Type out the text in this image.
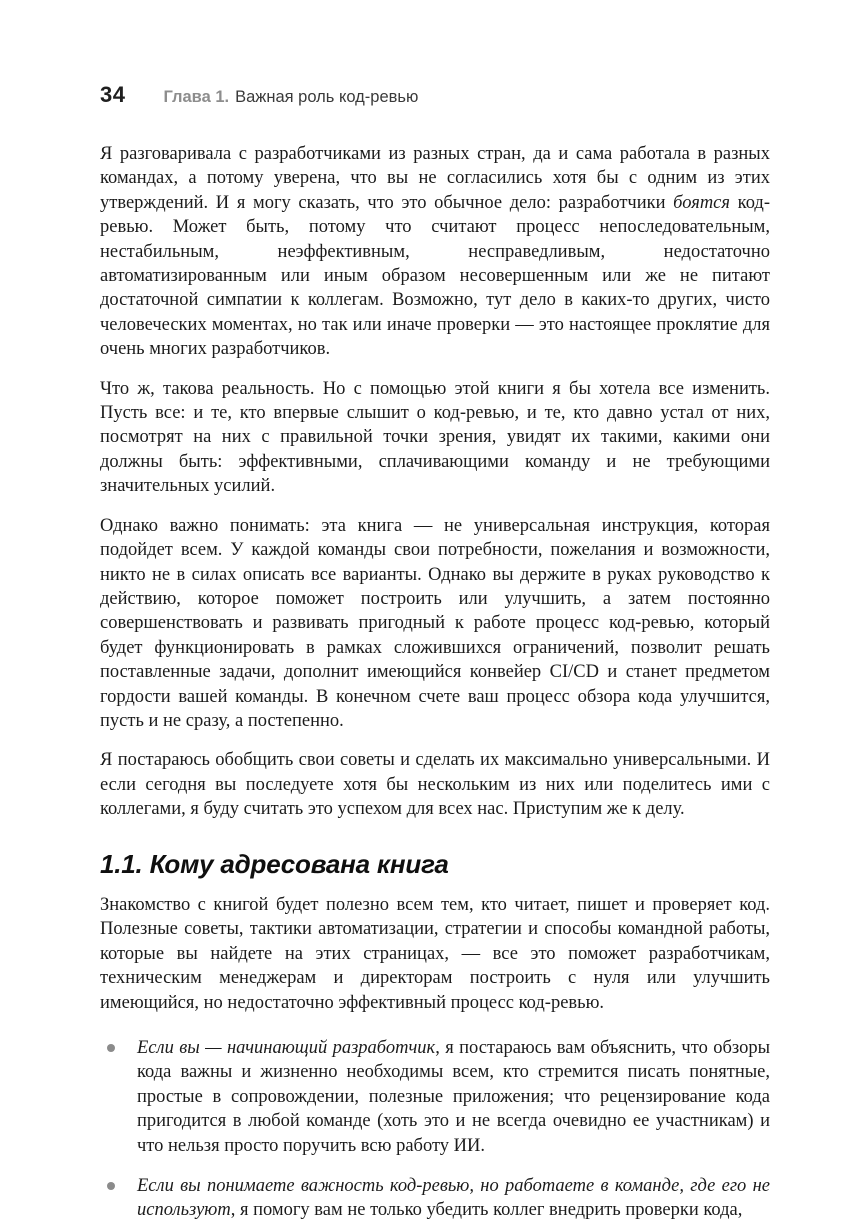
34 Глава 1. Важная роль код-ревью

Я разговаривала с разработчиками из разных стран, да и сама работала в разных командах, а потому уверена, что вы не согласились хотя бы с одним из этих утверждений. И я могу сказать, что это обычное дело: разработчики боятся код-ревью. Может быть, потому что считают процесс непоследовательным, нестабильным, неэффективным, несправедливым, недостаточно автоматизированным или иным образом несовершенным или же не питают достаточной симпатии к коллегам. Возможно, тут дело в каких-то других, чисто человеческих моментах, но так или иначе проверки — это настоящее проклятие для очень многих разработчиков.

Что ж, такова реальность. Но с помощью этой книги я бы хотела все изменить. Пусть все: и те, кто впервые слышит о код-ревью, и те, кто давно устал от них, посмотрят на них с правильной точки зрения, увидят их такими, какими они должны быть: эффективными, сплачивающими команду и не требующими значительных усилий.

Однако важно понимать: эта книга — не универсальная инструкция, которая подойдет всем. У каждой команды свои потребности, пожелания и возможности, никто не в силах описать все варианты. Однако вы держите в руках руководство к действию, которое поможет построить или улучшить, а затем постоянно совершенствовать и развивать пригодный к работе процесс код-ревью, который будет функционировать в рамках сложившихся ограничений, позволит решать поставленные задачи, дополнит имеющийся конвейер CI/CD и станет предметом гордости вашей команды. В конечном счете ваш процесс обзора кода улучшится, пусть и не сразу, а постепенно.

Я постараюсь обобщить свои советы и сделать их максимально универсальными. И если сегодня вы последуете хотя бы нескольким из них или поделитесь ими с коллегами, я буду считать это успехом для всех нас. Приступим же к делу.

1.1. Кому адресована книга

Знакомство с книгой будет полезно всем тем, кто читает, пишет и проверяет код. Полезные советы, тактики автоматизации, стратегии и способы командной работы, которые вы найдете на этих страницах, — все это поможет разработчикам, техническим менеджерам и директорам построить с нуля или улучшить имеющийся, но недостаточно эффективный процесс код-ревью.

Если вы — начинающий разработчик, я постараюсь вам объяснить, что обзоры кода важны и жизненно необходимы всем, кто стремится писать понятные, простые в сопровождении, полезные приложения; что рецензирование кода пригодится в любой команде (хоть это и не всегда очевидно ее участникам) и что нельзя просто поручить всю работу ИИ.
Если вы понимаете важность код-ревью, но работаете в команде, где его не используют, я помогу вам не только убедить коллег внедрить проверки кода,
